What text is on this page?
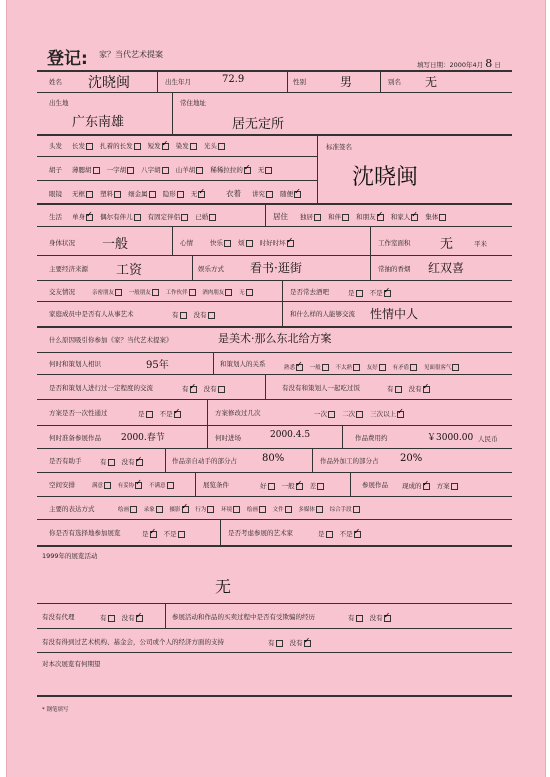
登记: 家？当代艺术提案
填写日期：2000年4月 8 日
姓名 沈晓闽	出生年月	72.9	性别	男	别名 无
出生地
广东南雄
常住地址
居无定所
标准签名
沈晓闽
头发 长发 扎着的长发 短发 ✓ 染发 光头
胡子 薄腮胡 一字胡 八字胡 山羊胡 稀稀拉拉的 ✓ 无
眼镜 无框 塑料 细金属 隐形 无 ✓	衣着 讲究 随便✓
生活 单身 ✓ 偶尔有伴儿 有固定伴侣 已婚	居住 独居 和伴 和朋友 ✓ 和家人 ✓ 集体
身体状况 一般	心情	快乐 烦 时好时坏 ✓	工作室面积 无	平米
主要经济来源 工资	娱乐方式 看书·逛街	常抽的香烟 红双喜
交友情况	亲密朋友	一般朋友	工作伙伴	酒肉朋友	无	是否常去酒吧	是 不是✓
家庭成员中是否有人从事艺术	有 没有	和什么样的人能够交流 性情中人
什么原因吸引你参加《家？当代艺术提案》	是美术·那么东北给方案
何时和策划人相识	95年	和策划人的关系	熟悉 ✓	一般	不太熟	友好	有矛盾	见面很客气
是否和策划人进行过一定程度的交流	有 ✓ 没有	有没有和策划人一起吃过饭	有 没有✓
方案是否一次性通过	是 不是 ✓	方案修改过几次	一次 二次 三次以上✓
何时准备参展作品 2000.春节	何时进场	2000.4.5	作品费用约	￥3000.00 人民币
是否有助手	有 没有 ✓	作品亲自动手的部分占	80%	作品外加工的部分占 20%
空间安排	满意	有妥协 ✓	不满意	展览条件	好 一般 ✓ 差	参展作品 现成的 ✓ 方案
主要的表达方式	绘画	录象	摄影 ✓	行为	环境	绘画	文件	多媒体	综合手段
你是否有选择地参加展览	是 ✓ 不是	是否考虑参展的艺术家	是 不是✓
1999年的展览活动
无
有没有代理	有 没有 ✓	参展活动和作品的买卖过程中是否有受欺骗的经历	有 没有✓
有没有得到过艺术机构、基金会，公司或个人的经济方面的支持	有 没有✓
对本次展览有何期望
* 钢笔填写
